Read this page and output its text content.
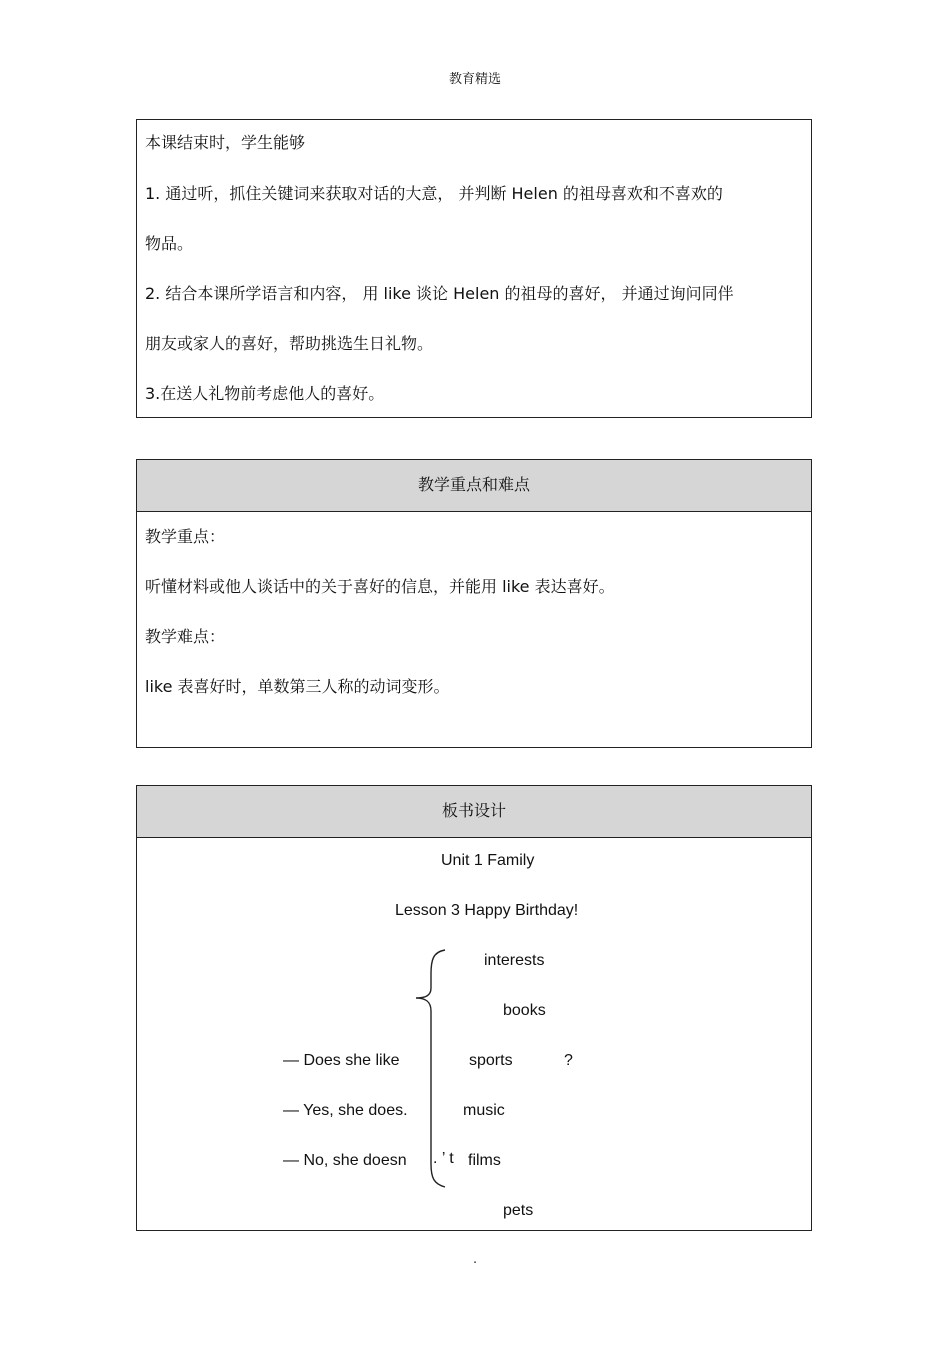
教育精选
本课结束时，学生能够
1. 通过听，抓住关键词来获取对话的大意， 并判断 Helen 的祖母喜欢和不喜欢的
物品。
2. 结合本课所学语言和内容， 用 like 谈论 Helen 的祖母的喜好， 并通过询问同伴
朋友或家人的喜好，帮助挑选生日礼物。
3.在送人礼物前考虑他人的喜好。
教学重点和难点
教学重点：
听懂材料或他人谈话中的关于喜好的信息，并能用 like 表达喜好。
教学难点：
like 表喜好时，单数第三人称的动词变形。
板书设计
Unit 1 Family
Lesson 3 Happy Birthday!
interests
books
sports
music
films
pets
?
— Does she like
— Yes, she does.
— No, she doesn . ’ t
.
